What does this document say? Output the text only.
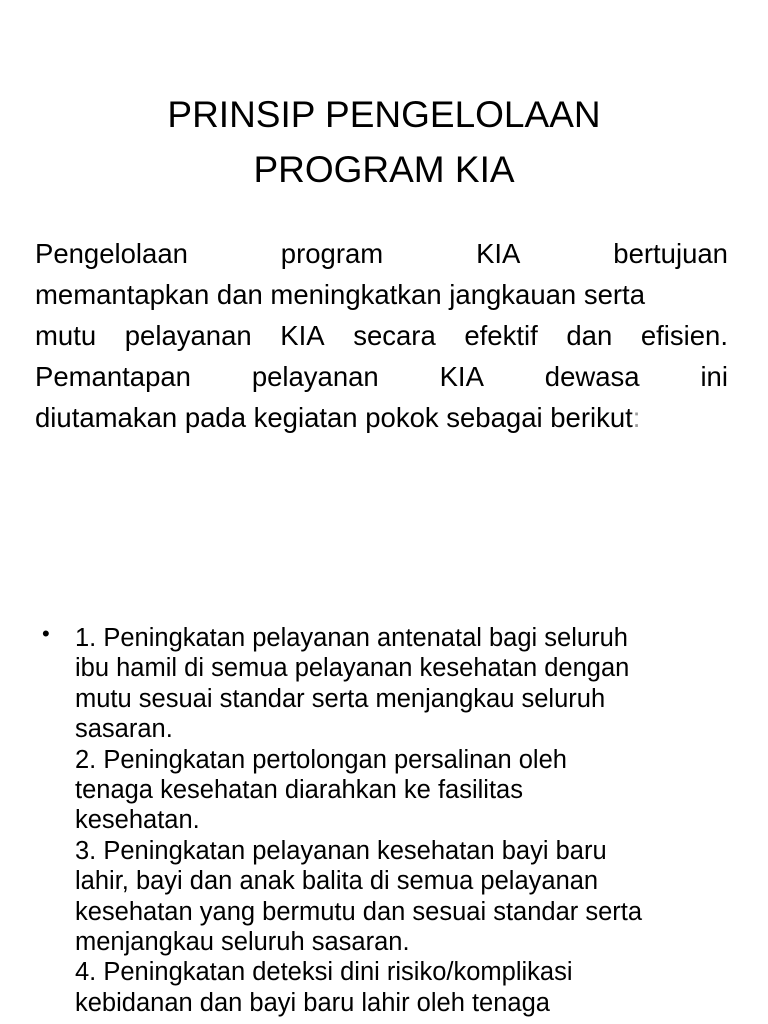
PRINSIP PENGELOLAAN
PROGRAM KIA
Pengelolaan	program	KIA	bertujuan
memantapkan dan meningkatkan jangkauan serta
mutu pelayanan KIA secara efektif dan efisien.
Pemantapan pelayanan KIA dewasa ini
diutamakan pada kegiatan pokok sebagai berikut:
• 1. Peningkatan pelayanan antenatal bagi seluruh
ibu hamil di semua pelayanan kesehatan dengan
mutu sesuai standar serta menjangkau seluruh
sasaran.
2. Peningkatan pertolongan persalinan oleh
tenaga kesehatan diarahkan ke fasilitas
kesehatan.
3. Peningkatan pelayanan kesehatan bayi baru
lahir, bayi dan anak balita di semua pelayanan
kesehatan yang bermutu dan sesuai standar serta
menjangkau seluruh sasaran.
4. Peningkatan deteksi dini risiko/komplikasi
kebidanan dan bayi baru lahir oleh tenaga
